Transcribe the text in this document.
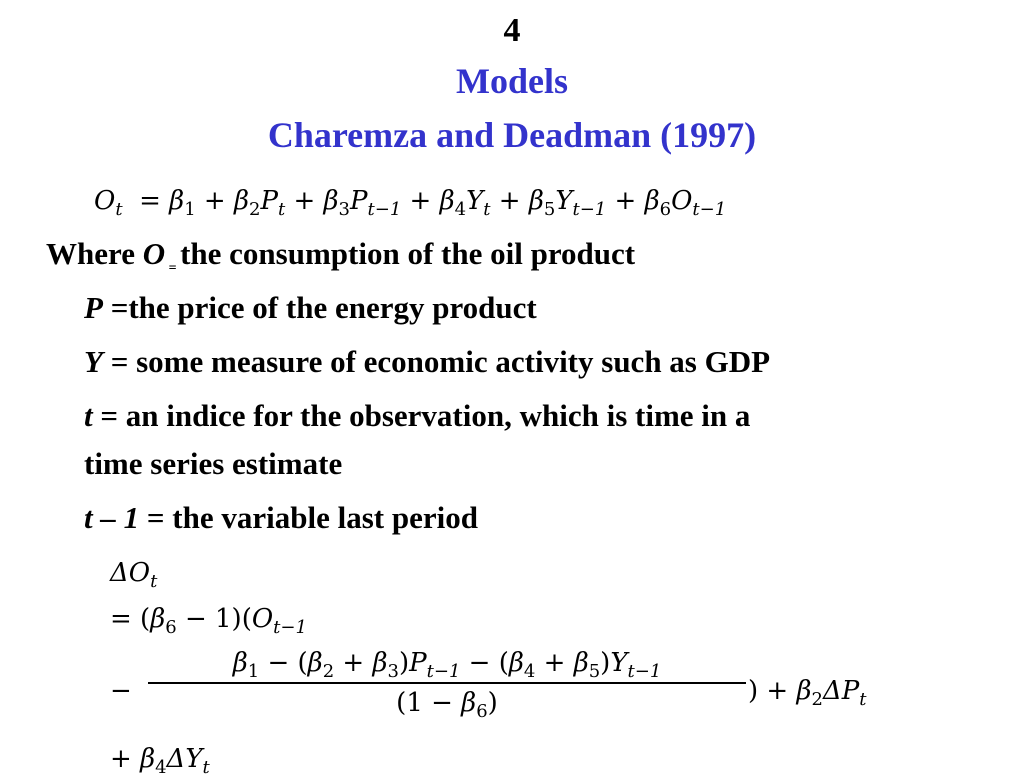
4
Models
Charemza and Deadman (1997)
$O_t = \beta_1 + \beta_2P_t + \beta_3P_{t-1} + \beta_4Y_t + \beta_5Y_{t-1} + \beta_6O_{t-1}$
Where O $_=$ the consumption of the oil product
P =the price of the energy product
Y = some measure of economic activity such as GDP
t = an indice for the observation, which is time in a
time series estimate
t – 1 = the variable last period
$\Delta O_t$
= $(\beta_6 - 1)(O_{t-1}$
−
$\beta_1 - (\beta_2 + \beta_3)P_{t-1} - (\beta_4 + \beta_5)Y_{t-1}$
$(1 - \beta_6)$	) + $\beta_2\Delta P_t$
+ $\beta_4\Delta Y_t$
